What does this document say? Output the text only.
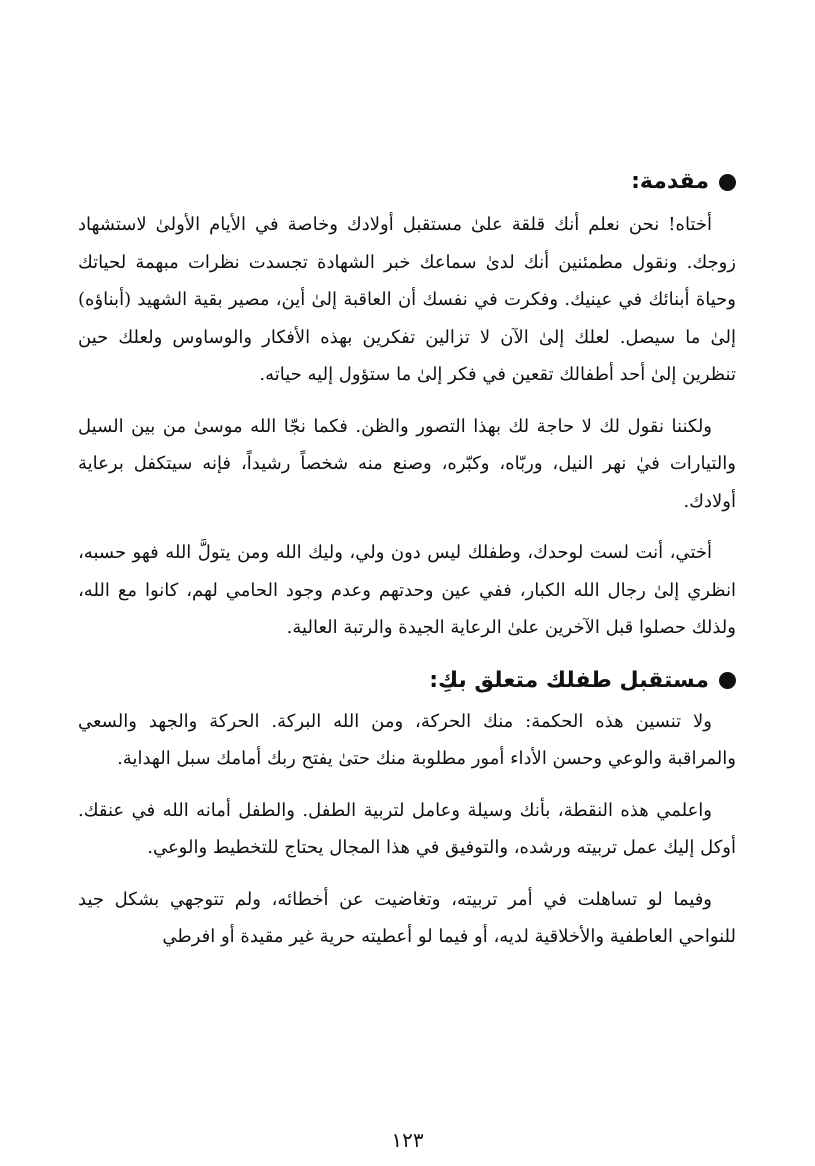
مقدمة:

أختاه! نحن نعلم أنك قلقة علىٰ مستقبل أولادك وخاصة في الأيام الأولىٰ لاستشهاد زوجك. ونقول مطمئنين أنك لدىٰ سماعك خبر الشهادة تجسدت نظرات مبهمة لحياتك وحياة أبنائك في عينيك. وفكرت في نفسك أن العاقبة إلىٰ أين، مصير بقية الشهيد (أبناؤه) إلىٰ ما سيصل. لعلك إلىٰ الآن لا تزالين تفكرين بهذه الأفكار والوساوس ولعلك حين تنظرين إلىٰ أحد أطفالك تقعين في فكر إلىٰ ما ستؤول إليه حياته.

ولكننا نقول لك لا حاجة لك بهذا التصور والظن. فكما نجّا الله موسىٰ من بين السيل والتيارات فيٰ نهر النيل، وربّاه، وكبّره، وصنع منه شخصاً رشيداً، فإنه سيتكفل برعاية أولادك.

أختي، أنت لست لوحدك، وطفلك ليس دون ولي، وليك الله ومن يتولَّ الله فهو حسبه، انظري إلىٰ رجال الله الكبار، ففي عين وحدتهم وعدم وجود الحامي لهم، كانوا مع الله، ولذلك حصلوا قبل الآخرين علىٰ الرعاية الجيدة والرتبة العالية.

مستقبل طفلك متعلق بكِ:

ولا تنسين هذه الحكمة: منك الحركة، ومن الله البركة. الحركة والجهد والسعي والمراقبة والوعي وحسن الأداء أمور مطلوبة منك حتىٰ يفتح ربك أمامك سبل الهداية.

واعلمي هذه النقطة، بأنك وسيلة وعامل لتربية الطفل. والطفل أمانه الله في عنقك. أوكل إليك عمل تربيته ورشده، والتوفيق في هذا المجال يحتاج للتخطيط والوعي.

وفيما لو تساهلت في أمر تربيته، وتغاضيت عن أخطائه، ولم تتوجهي بشكل جيد للنواحي العاطفية والأخلاقية لديه، أو فيما لو أعطيته حرية غير مقيدة أو افرطي

١٢٣
